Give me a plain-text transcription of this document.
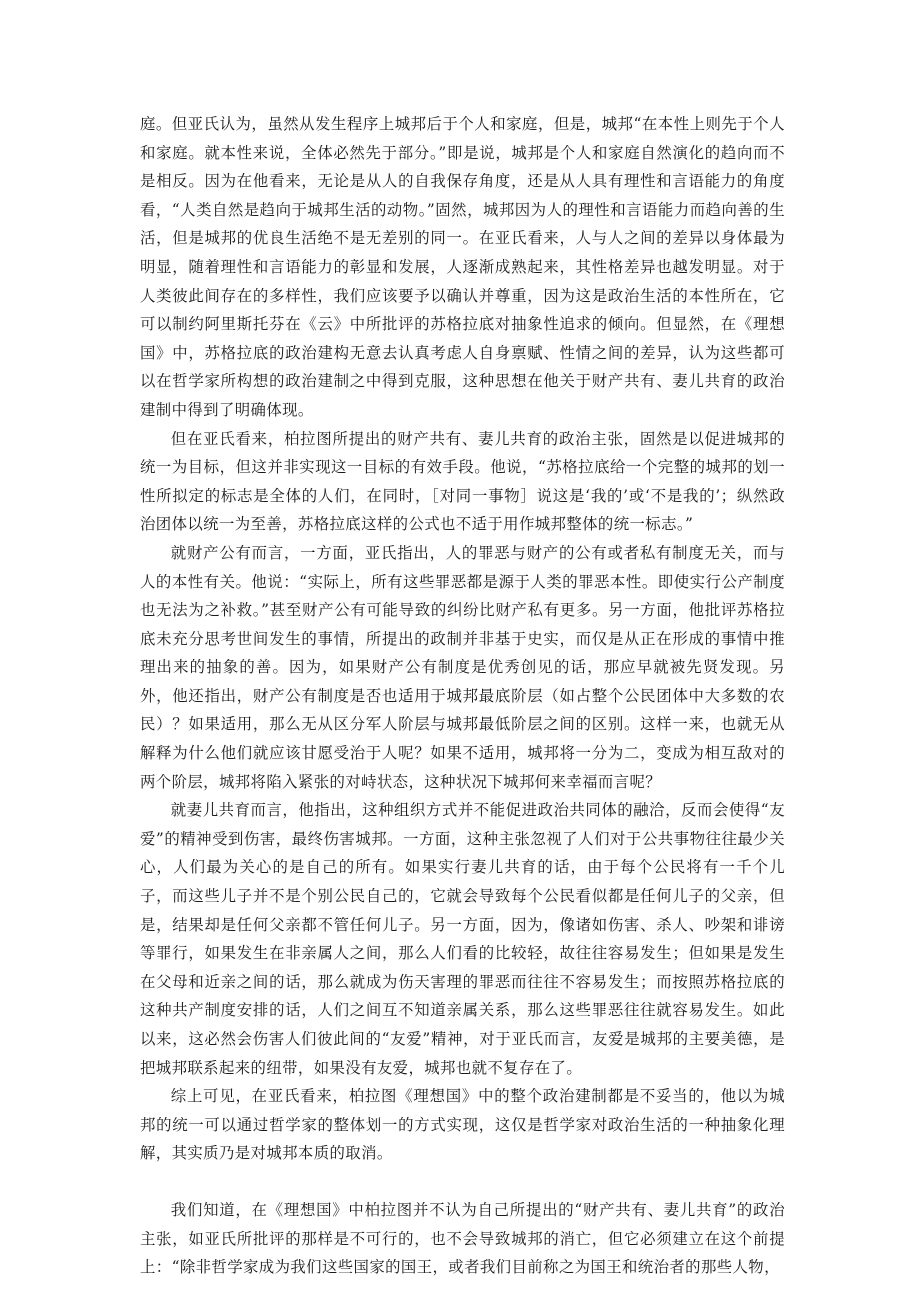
庭。但亚氏认为，虽然从发生程序上城邦后于个人和家庭，但是，城邦“在本性上则先于个人和家庭。就本性来说，全体必然先于部分。”即是说，城邦是个人和家庭自然演化的趋向而不是相反。因为在他看来，无论是从人的自我保存角度，还是从人具有理性和言语能力的角度看，“人类自然是趋向于城邦生活的动物。”固然，城邦因为人的理性和言语能力而趋向善的生活，但是城邦的优良生活绝不是无差别的同一。在亚氏看来，人与人之间的差异以身体最为明显，随着理性和言语能力的彰显和发展，人逐渐成熟起来，其性格差异也越发明显。对于人类彼此间存在的多样性，我们应该要予以确认并尊重，因为这是政治生活的本性所在，它可以制约阿里斯托芬在《云》中所批评的苏格拉底对抽象性追求的倾向。但显然，在《理想国》中，苏格拉底的政治建构无意去认真考虑人自身禀赋、性情之间的差异，认为这些都可以在哲学家所构想的政治建制之中得到克服，这种思想在他关于财产共有、妻儿共育的政治建制中得到了明确体现。

但在亚氏看来，柏拉图所提出的财产共有、妻儿共育的政治主张，固然是以促进城邦的统一为目标，但这并非实现这一目标的有效手段。他说，“苏格拉底给一个完整的城邦的划一性所拟定的标志是全体的人们，在同时，［对同一事物］说这是‘我的’或‘不是我的’；纵然政治团体以统一为至善，苏格拉底这样的公式也不适于用作城邦整体的统一标志。”

就财产公有而言，一方面，亚氏指出，人的罪恶与财产的公有或者私有制度无关，而与人的本性有关。他说：“实际上，所有这些罪恶都是源于人类的罪恶本性。即使实行公产制度也无法为之补救。”甚至财产公有可能导致的纠纷比财产私有更多。另一方面，他批评苏格拉底未充分思考世间发生的事情，所提出的政制并非基于史实，而仅是从正在形成的事情中推理出来的抽象的善。因为，如果财产公有制度是优秀创见的话，那应早就被先贤发现。另外，他还指出，财产公有制度是否也适用于城邦最底阶层（如占整个公民团体中大多数的农民）？如果适用，那么无从区分军人阶层与城邦最低阶层之间的区别。这样一来，也就无从解释为什么他们就应该甘愿受治于人呢？如果不适用，城邦将一分为二，变成为相互敌对的两个阶层，城邦将陷入紧张的对峙状态，这种状况下城邦何来幸福而言呢？

就妻儿共育而言，他指出，这种组织方式并不能促进政治共同体的融洽，反而会使得“友爱”的精神受到伤害，最终伤害城邦。一方面，这种主张忽视了人们对于公共事物往往最少关心，人们最为关心的是自己的所有。如果实行妻儿共育的话，由于每个公民将有一千个儿子，而这些儿子并不是个别公民自己的，它就会导致每个公民看似都是任何儿子的父亲，但是，结果却是任何父亲都不管任何儿子。另一方面，因为，像诸如伤害、杀人、吵架和诽谤等罪行，如果发生在非亲属人之间，那么人们看的比较轻，故往往容易发生；但如果是发生在父母和近亲之间的话，那么就成为伤天害理的罪恶而往往不容易发生；而按照苏格拉底的这种共产制度安排的话，人们之间互不知道亲属关系，那么这些罪恶往往就容易发生。如此以来，这必然会伤害人们彼此间的“友爱”精神，对于亚氏而言，友爱是城邦的主要美德，是把城邦联系起来的纽带，如果没有友爱，城邦也就不复存在了。

综上可见，在亚氏看来，柏拉图《理想国》中的整个政治建制都是不妥当的，他以为城邦的统一可以通过哲学家的整体划一的方式实现，这仅是哲学家对政治生活的一种抽象化理解，其实质乃是对城邦本质的取消。

我们知道，在《理想国》中柏拉图并不认为自己所提出的“财产共有、妻儿共育”的政治主张，如亚氏所批评的那样是不可行的，也不会导致城邦的消亡，但它必须建立在这个前提上：“除非哲学家成为我们这些国家的国王，或者我们目前称之为国王和统治者的那些人物，
